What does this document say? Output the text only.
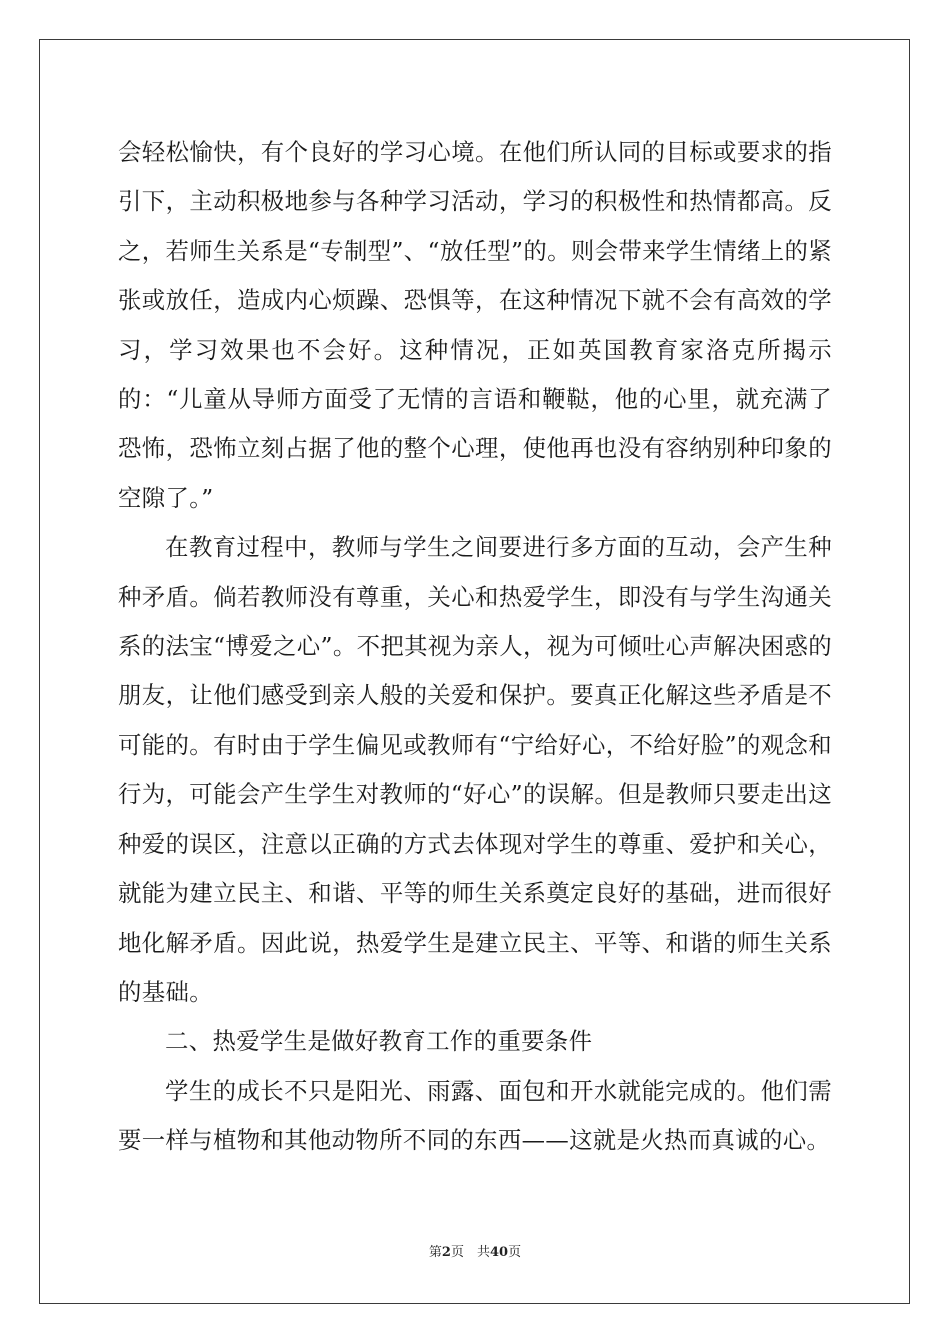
会轻松愉快，有个良好的学习心境。在他们所认同的目标或要求的指引下，主动积极地参与各种学习活动，学习的积极性和热情都高。反之，若师生关系是“专制型”、“放任型”的。则会带来学生情绪上的紧张或放任，造成内心烦躁、恐惧等，在这种情况下就不会有高效的学习，学习效果也不会好。这种情况，正如英国教育家洛克所揭示的：“儿童从导师方面受了无情的言语和鞭鞑，他的心里，就充满了恐怖，恐怖立刻占据了他的整个心理，使他再也没有容纳别种印象的空隙了。”

在教育过程中，教师与学生之间要进行多方面的互动，会产生种种矛盾。倘若教师没有尊重，关心和热爱学生，即没有与学生沟通关系的法宝“博爱之心”。不把其视为亲人，视为可倾吐心声解决困惑的朋友，让他们感受到亲人般的关爱和保护。要真正化解这些矛盾是不可能的。有时由于学生偏见或教师有“宁给好心，不给好脸”的观念和行为，可能会产生学生对教师的“好心”的误解。但是教师只要走出这种爱的误区，注意以正确的方式去体现对学生的尊重、爱护和关心，就能为建立民主、和谐、平等的师生关系奠定良好的基础，进而很好地化解矛盾。因此说，热爱学生是建立民主、平等、和谐的师生关系的基础。

二、热爱学生是做好教育工作的重要条件

学生的成长不只是阳光、雨露、面包和开水就能完成的。他们需要一样与植物和其他动物所不同的东西——这就是火热而真诚的心。

第2页　共40页
